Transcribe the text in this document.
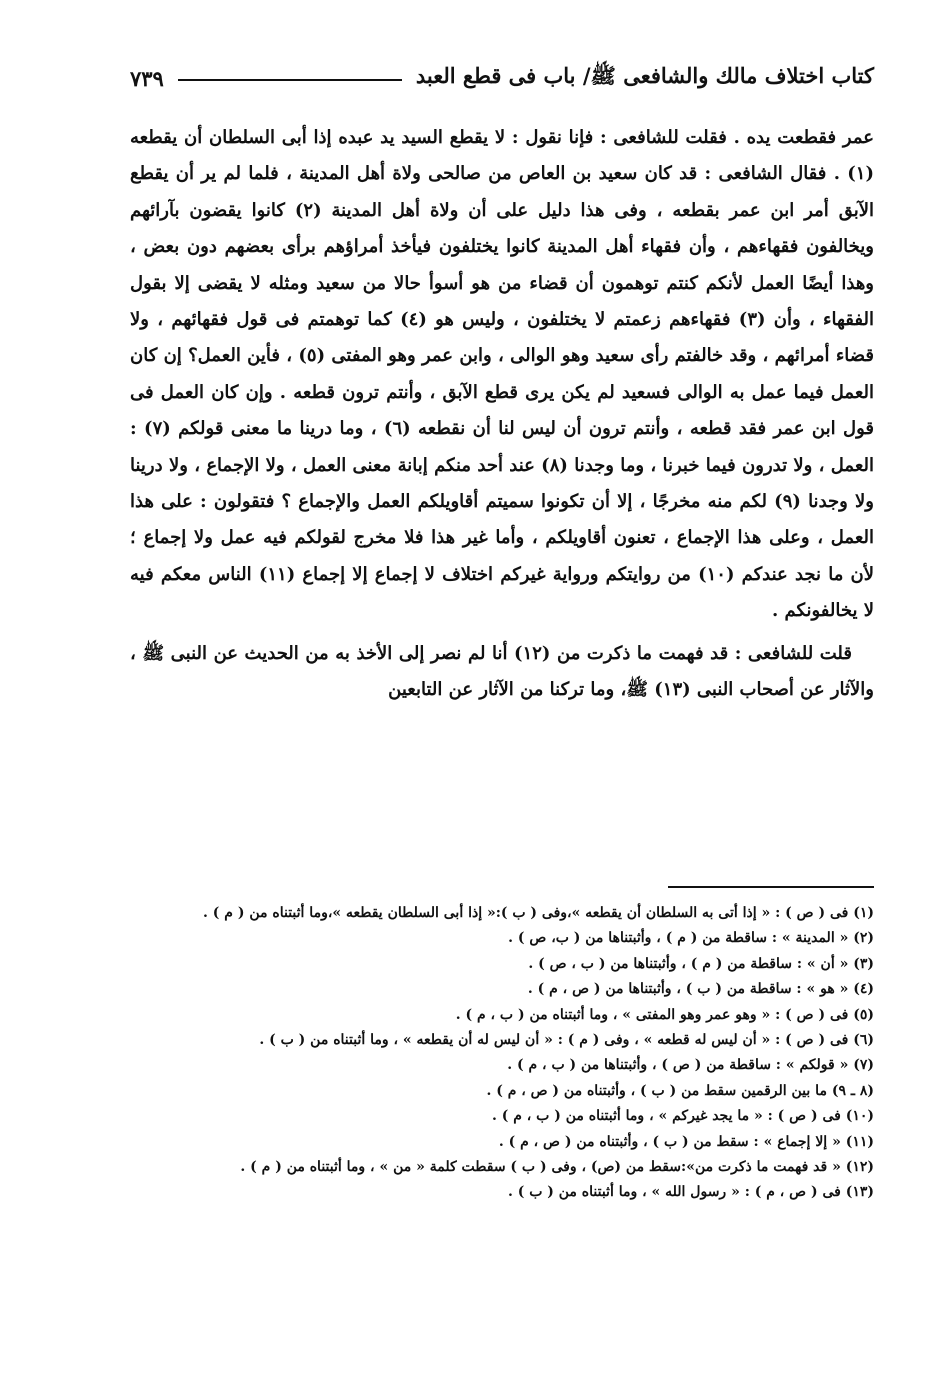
كتاب اختلاف مالك والشافعى ﷺ/ باب فى قطع العبد
٧٣٩

عمر فقطعت يده . فقلت للشافعى : فإنا نقول : لا يقطع السيد يد عبده إذا أبى السلطان أن يقطعه (١) . فقال الشافعى : قد كان سعيد بن العاص من صالحى ولاة أهل المدينة ، فلما لم ير أن يقطع الآبق أمر ابن عمر بقطعه ، وفى هذا دليل على أن ولاة أهل المدينة (٢) كانوا يقضون بآرائهم ويخالفون فقهاءهم ، وأن فقهاء أهل المدينة كانوا يختلفون فيأخذ أمراؤهم برأى بعضهم دون بعض ، وهذا أيضًا العمل لأنكم كنتم توهمون أن قضاء من هو أسوأ حالا من سعيد ومثله لا يقضى إلا بقول الفقهاء ، وأن (٣) فقهاءهم زعمتم لا يختلفون ، وليس هو (٤) كما توهمتم فى قول فقهائهم ، ولا قضاء أمرائهم ، وقد خالفتم رأى سعيد وهو الوالى ، وابن عمر وهو المفتى (٥) ، فأين العمل؟ إن كان العمل فيما عمل به الوالى فسعيد لم يكن يرى قطع الآبق ، وأنتم ترون قطعه . وإن كان العمل فى قول ابن عمر فقد قطعه ، وأنتم ترون أن ليس لنا أن نقطعه (٦) ، وما درينا ما معنى قولكم (٧) : العمل ، ولا تدرون فيما خبرنا ، وما وجدنا (٨) عند أحد منكم إبانة معنى العمل ، ولا الإجماع ، ولا درينا ولا وجدنا (٩) لكم منه مخرجًا ، إلا أن تكونوا سميتم أقاويلكم العمل والإجماع ؟ فتقولون : على هذا العمل ، وعلى هذا الإجماع ، تعنون أقاويلكم ، وأما غير هذا فلا مخرج لقولكم فيه عمل ولا إجماع ؛ لأن ما نجد عندكم (١٠) من روايتكم ورواية غيركم اختلاف لا إجماع إلا إجماع (١١) الناس معكم فيه لا يخالفونكم .

قلت للشافعى : قد فهمت ما ذكرت من (١٢) أنا لم نصر إلى الأخذ به من الحديث عن النبى ﷺ ، والآثار عن أصحاب النبى (١٣) ﷺ، وما تركنا من الآثار عن التابعين

(١) فى ( ص ) : « إذا أتى به السلطان أن يقطعه »،وفى ( ب ):« إذا أبى السلطان يقطعه »،وما أثبتناه من ( م ) .

(٢) « المدينة » : ساقطة من ( م ) ، وأثبتناها من ( ب، ص ) .

(٣) « أن » : ساقطة من ( م ) ، وأثبتناها من ( ب ، ص ) .

(٤) « هو » : ساقطة من ( ب ) ، وأثبتناها من ( ص ، م ) .

(٥) فى ( ص ) : « وهو عمر وهو المفتى » ، وما أثبتناه من ( ب ، م ) .

(٦) فى ( ص ) : « أن ليس له قطعه » ، وفى ( م ) : « أن ليس له أن يقطعه » ، وما أثبتناه من ( ب ) .

(٧) « قولكم » : ساقطة من ( ص ) ، وأثبتناها من ( ب ، م ) .

(٨ ـ ٩) ما بين الرقمين سقط من ( ب ) ، وأثبتناه من ( ص ، م ) .

(١٠) فى ( ص ) : « ما يجد غيركم » ، وما أثبتناه من ( ب ، م ) .

(١١) « إلا إجماع » : سقط من ( ب ) ، وأثبتناه من ( ص ، م ) .

(١٢) « قد فهمت ما ذكرت من»:سقط من (ص) ، وفى ( ب ) سقطت كلمة « من » ، وما أثبتناه من ( م ) .

(١٣) فى ( ص ، م ) : « رسول الله » ، وما أثبتناه من ( ب ) .
